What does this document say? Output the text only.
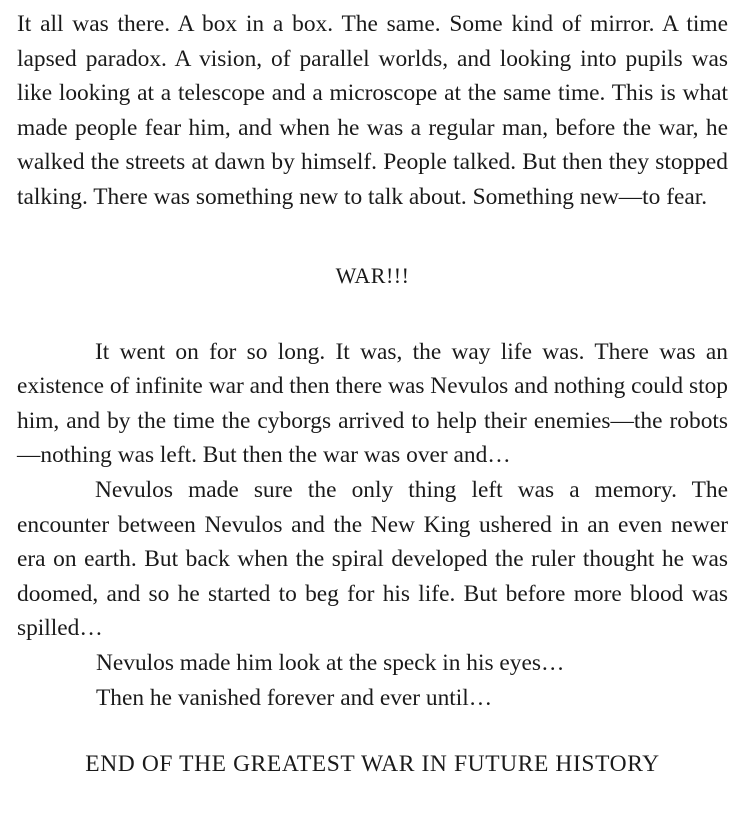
It all was there. A box in a box. The same. Some kind of mirror. A time lapsed paradox. A vision, of parallel worlds, and looking into pupils was like looking at a telescope and a microscope at the same time. This is what made people fear him, and when he was a regular man, before the war, he walked the streets at dawn by himself. People talked. But then they stopped talking. There was something new to talk about. Something new—to fear.

WAR!!!

It went on for so long. It was, the way life was. There was an existence of infinite war and then there was Nevulos and nothing could stop him, and by the time the cyborgs arrived to help their enemies—the robots—nothing was left. But then the war was over and…

Nevulos made sure the only thing left was a memory. The encounter between Nevulos and the New King ushered in an even newer era on earth. But back when the spiral developed the ruler thought he was doomed, and so he started to beg for his life. But before more blood was spilled…

Nevulos made him look at the speck in his eyes…

Then he vanished forever and ever until…

END OF THE GREATEST WAR IN FUTURE HISTORY
